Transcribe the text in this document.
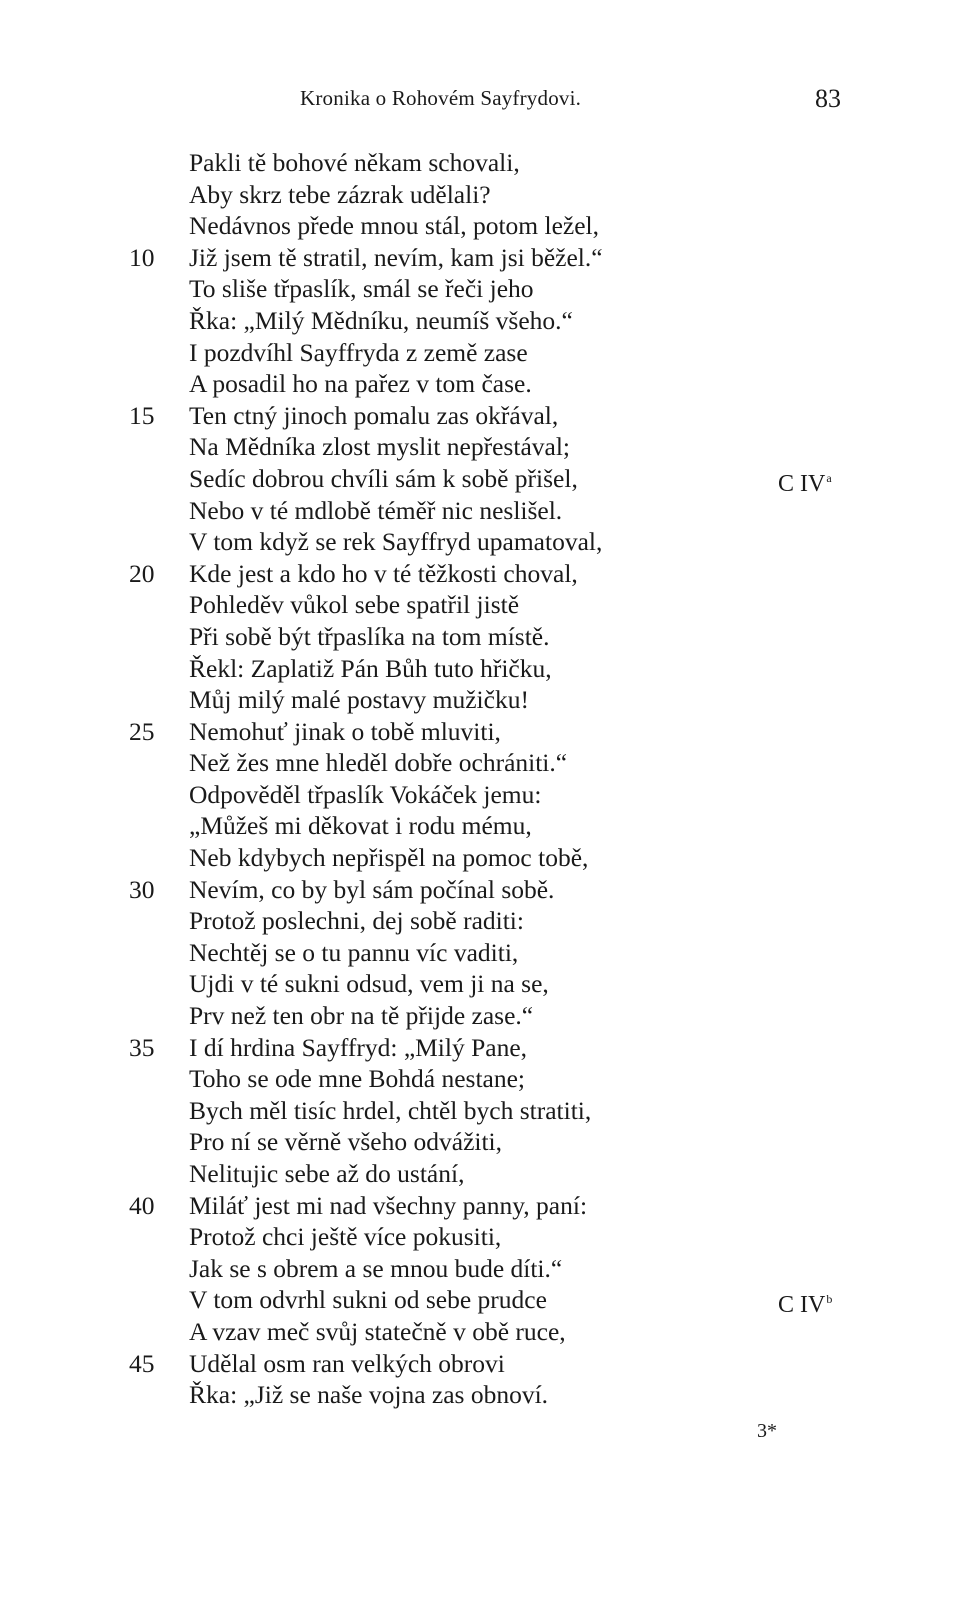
Kronika o Rohovém Sayfrydovi.	83
Pakli tě bohové někam schovali,
Aby skrz tebe zázrak udělali?
Nedávnos přede mnou stál, potom ležel,
10	Již jsem tě stratil, nevím, kam jsi běžel.“
To sliše třpaslík, smál se řeči jeho
Řka: „Milý Mědníku, neumíš všeho.“
I pozdvíhl Sayffryda z země zase
A posadil ho na pařez v tom čase.
15	Ten ctný jinoch pomalu zas okřával,
Na Mědníka zlost myslit nepřestával;
Sedíc dobrou chvíli sám k sobě přišel,	C $IV^a$
Nebo v té mdlobě téměř nic neslišel.
V tom když se rek Sayffryd upamatoval,
20	Kde jest a kdo ho v té těžkosti choval,
Pohleděv vůkol sebe spatřil jistě
Při sobě být třpaslíka na tom místě.
Řekl: Zaplatiž Pán Bůh tuto hřičku,
Můj milý malé postavy mužičku!
25	Nemohuť jinak o tobě mluviti,
Než žes mne hleděl dobře ochrániti.“
Odpověděl třpaslík Vokáček jemu:
„Můžeš mi děkovat i rodu mému,
Neb kdybych nepřispěl na pomoc tobě,
30	Nevím, co by byl sám počínal sobě.
Protož poslechni, dej sobě raditi:
Nechtěj se o tu pannu víc vaditi,
Ujdi v té sukni odsud, vem ji na se,
Prv než ten obr na tě přijde zase.“
35	I dí hrdina Sayffryd: „Milý Pane,
Toho se ode mne Bohdá nestane;
Bych měl tisíc hrdel, chtěl bych stratiti,
Pro ní se věrně všeho odvážiti,
Nelitujic sebe až do ustání,
40	Miláť jest mi nad všechny panny, paní:
Protož chci ještě více pokusiti,
Jak se s obrem a se mnou bude díti.“
V tom odvrhl sukni od sebe prudce	C $IV^b$
A vzav meč svůj statečně v obě ruce,
45	Udělal osm ran velkých obrovi
Řka: „Již se naše vojna zas obnoví.
3*
